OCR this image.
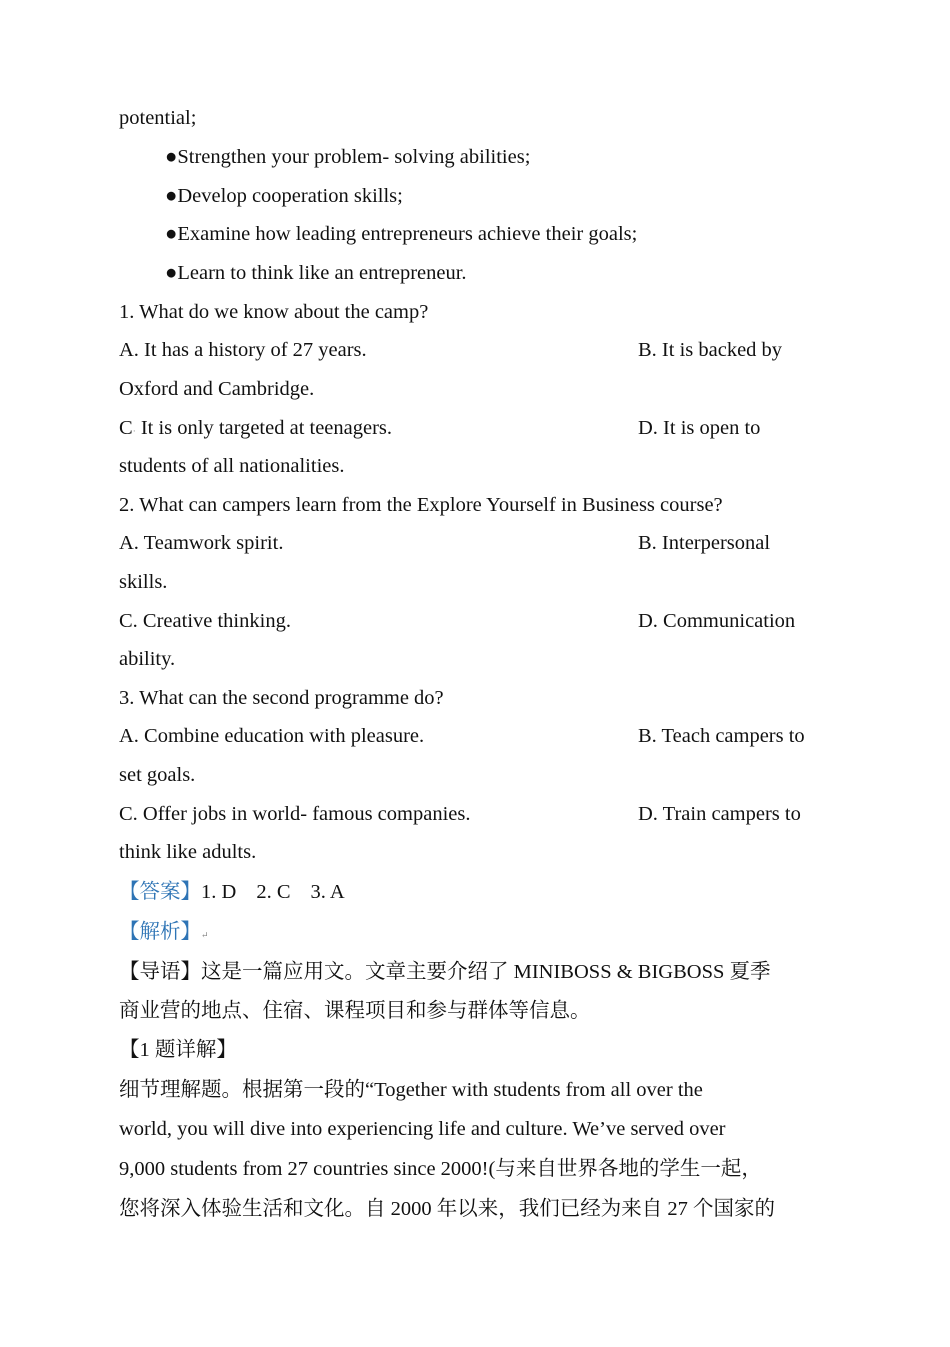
potential;
●Strengthen your problem- solving abilities;
●Develop cooperation skills;
●Examine how leading entrepreneurs achieve their goals;
●Learn to think like an entrepreneur.
1. What do we know about the camp?
A. It has a history of 27 years.	B. It is backed by
Oxford and Cambridge.
C· It is only targeted at teenagers.	D. It is open to
students of all nationalities.
2. What can campers learn from the Explore Yourself in Business course?
A. Teamwork spirit.	B. Interpersonal
skills.
C. Creative thinking.	D. Communication
ability.
3. What can the second programme do?
A. Combine education with pleasure.	B. Teach campers to
set goals.
C. Offer jobs in world- famous companies.	D. Train campers to
think like adults.
【答案】1. D 2. C 3. A
【解析】↵
【导语】这是一篇应用文。文章主要介绍了 MINIBOSS & BIGBOSS 夏季
商业营的地点、住宿、课程项目和参与群体等信息。
【1 题详解】
细节理解题。根据第一段的“Together with students from all over the
world, you will dive into experiencing life and culture. We’ve served over
9,000 students from 27 countries since 2000!(与来自世界各地的学生一起，
您将深入体验生活和文化。自 2000 年以来，我们已经为来自 27 个国家的
